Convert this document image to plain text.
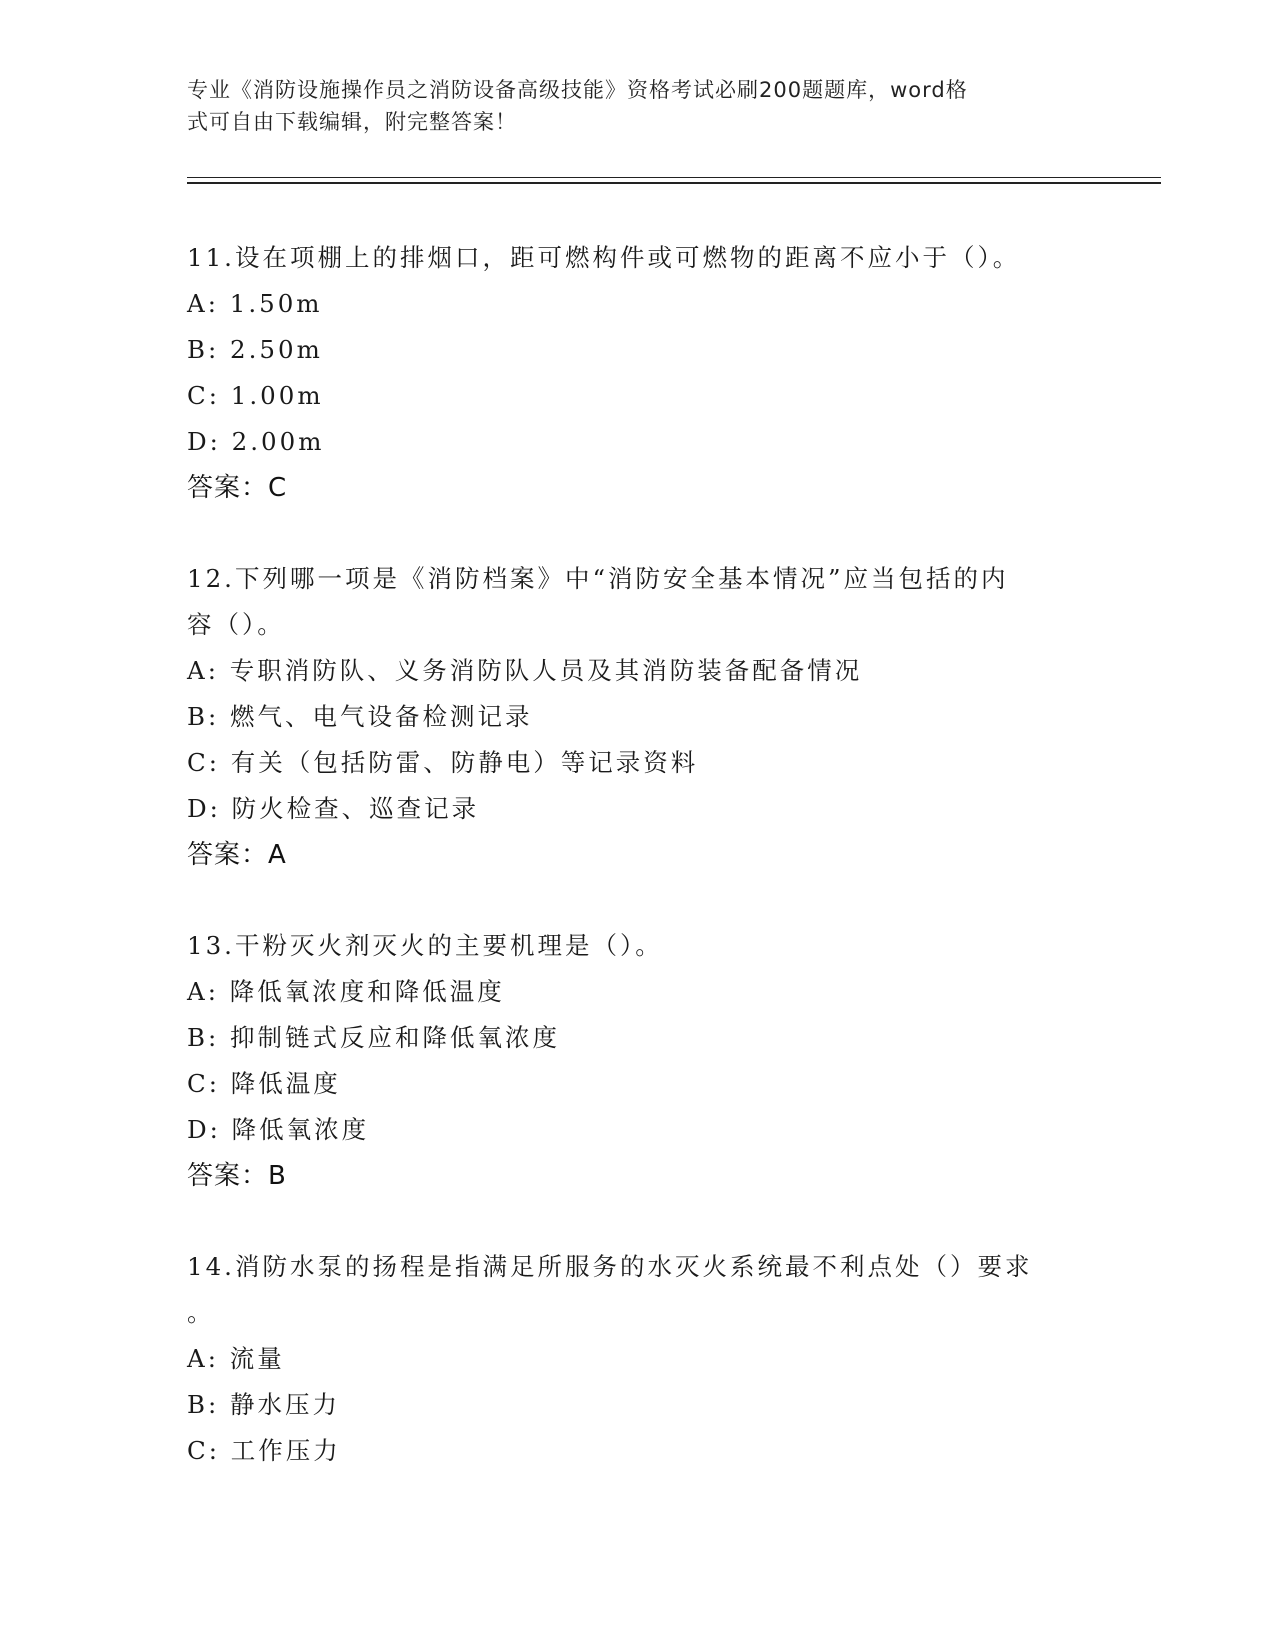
专业《消防设施操作员之消防设备高级技能》资格考试必刷200题题库，word格
式可自由下载编辑，附完整答案！

11.设在项棚上的排烟口，距可燃构件或可燃物的距离不应小于（）。

A: 1.50m

B: 2.50m

C: 1.00m

D: 2.00m

答案：C

12.下列哪一项是《消防档案》中“消防安全基本情况”应当包括的内

容（）。

A: 专职消防队、义务消防队人员及其消防装备配备情况

B: 燃气、电气设备检测记录

C: 有关（包括防雷、防静电）等记录资料

D: 防火检查、巡查记录

答案：A

13.干粉灭火剂灭火的主要机理是（）。

A: 降低氧浓度和降低温度

B: 抑制链式反应和降低氧浓度

C: 降低温度

D: 降低氧浓度

答案：B

14.消防水泵的扬程是指满足所服务的水灭火系统最不利点处（）要求

。

A: 流量

B: 静水压力

C: 工作压力
